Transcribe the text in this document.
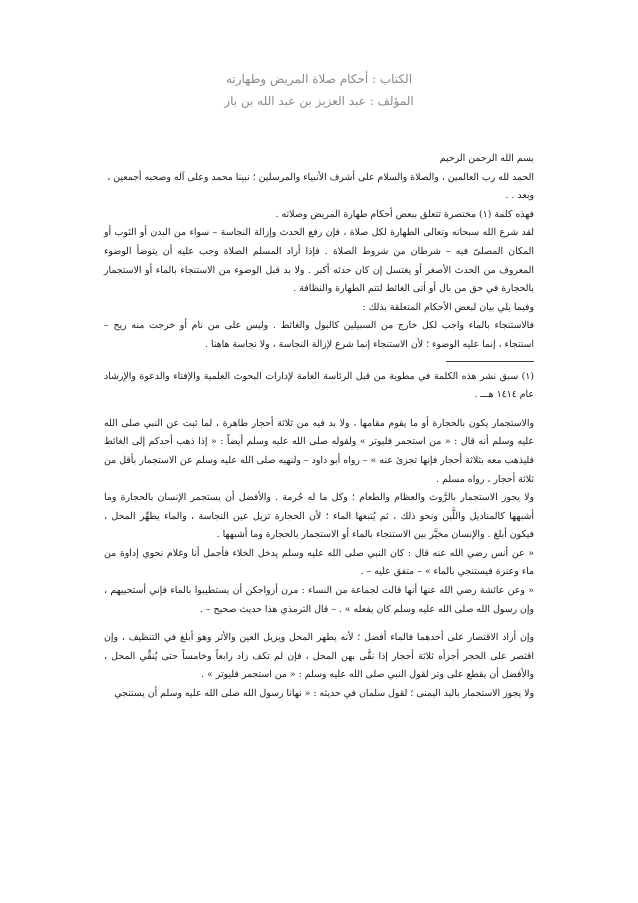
الكتاب : أحكام صلاة المريض وطهارته
المؤلف : عبد العزيز بن عبد الله بن باز

بسم الله الرحمن الرحيم

الحمد لله رب العالمين ، والصلاة والسلام على أشرف الأنبياء والمرسلين ؛ نبينا محمد وعلى آله وصحبه أجمعين ،

وبعد . .

فهذه كلمة (١) مختصرة تتعلق ببعض أحكام طهارة المريض وصلاته .

لقد شرع الله سبحانه وتعالى الطهارة لكل صلاة ، فإن رفع الحدث وإزالة النجاسة – سواء من البدن أو الثوب أو المكان المصلىّ فيه – شرطان من شروط الصلاة . فإذا أراد المسلم الصلاة وجب عليه أن يتوضأ الوضوء المعروف من الحدث الأصغر أو يغتسل إن كان حدثه أكبر . ولا بد قبل الوضوء من الاستنجاء بالماء أو الاستجمار بالحجارة في حق من بال أو أتى الغائط لتتم الطهارة والنظافة .

وفيما يلي بيان لبعض الأحكام المتعلقة بذلك :

فالاستنجاء بالماء واجب لكل خارج من السبيلين كالبول والغائط . وليس على من نام أو خرجت منه ريح – استنجاء ، إنما عليه الوضوء ؛ لأن الاستنجاء إنما شرع لإزالة النجاسة ، ولا نجاسة هاهنا .

(١) سبق نشر هذه الكلمة في مطوية من قبل الرئاسة العامة لإدارات البحوث العلمية والإفتاء والدعوة والإرشاد عام ١٤١٤ هـــ .

والاستجمار يكون بالحجارة أو ما يقوم مقامها ، ولا بد فيه من ثلاثة أحجار طاهرة ، لما ثبت عن النبي صلى الله عليه وسلم أنه قال : « من استجمر فليوتر » ولقوله صلى الله عليه وسلم أيضاً : « إذا ذهب أحدكم إلى الغائط فليذهب معه بثلاثة أحجار فإنها تجزئ عنه » – رواه أبو داود – ولنهيه صلى الله عليه وسلم عن الاستجمار بأقل من ثلاثة أحجار ، رواه مسلم .

ولا يجوز الاستجمار بالرَّوث والعظام والطعام ؛ وكل ما له حُرمة . والأفضل أن يستجمر الإنسان بالحجارة وما أشبهها كالمناديل واللَّبن ونحو ذلك ، ثم يُتبعها الماء ؛ لأن الحجارة تزيل عين النجاسة ، والماء يطهِّر المحل ، فيكون أبلغ . والإنسان مخيَّر بين الاستنجاء بالماء أو الاستجمار بالحجارة وما أشبهها .

« عن أنس رضي الله عنه قال : كان النبي صلى الله عليه وسلم يدخل الخلاء فأحمل أنا وغلام نحوي إداوة من ماء وعنزة فيستنجي بالماء » – متفق عليه – .

« وعن عائشة رضي الله عنها أنها قالت لجماعة من النساء : مرن أزواجكن أن يستطيبوا بالماء فإني أستحييهم ، وإن رسول الله صلى الله عليه وسلم كان يفعله » . – قال الترمذي هذا حديث صحيح – .

وإن أراد الاقتصار على أحدهما فالماء أفضل ؛ لأنه يطهر المحل ويزيل العين والأثر وهو أبلغ في التنظيف ، وإن اقتصر على الحجر أجزأه ثلاثة أحجار إذا نقَّى بهن المحل ، فإن لم تكف زاد رابعاً وخامساً حتى يُنقِّي المحل ، والأفضل أن يقطع على وتر لقول النبي صلى الله عليه وسلم : « من استجمر فليوتر » .

ولا يجوز الاستجمار باليد اليمنى ؛ لقول سلمان في حديثه : « نهانا رسول الله صلى الله عليه وسلم أن يستنجي
